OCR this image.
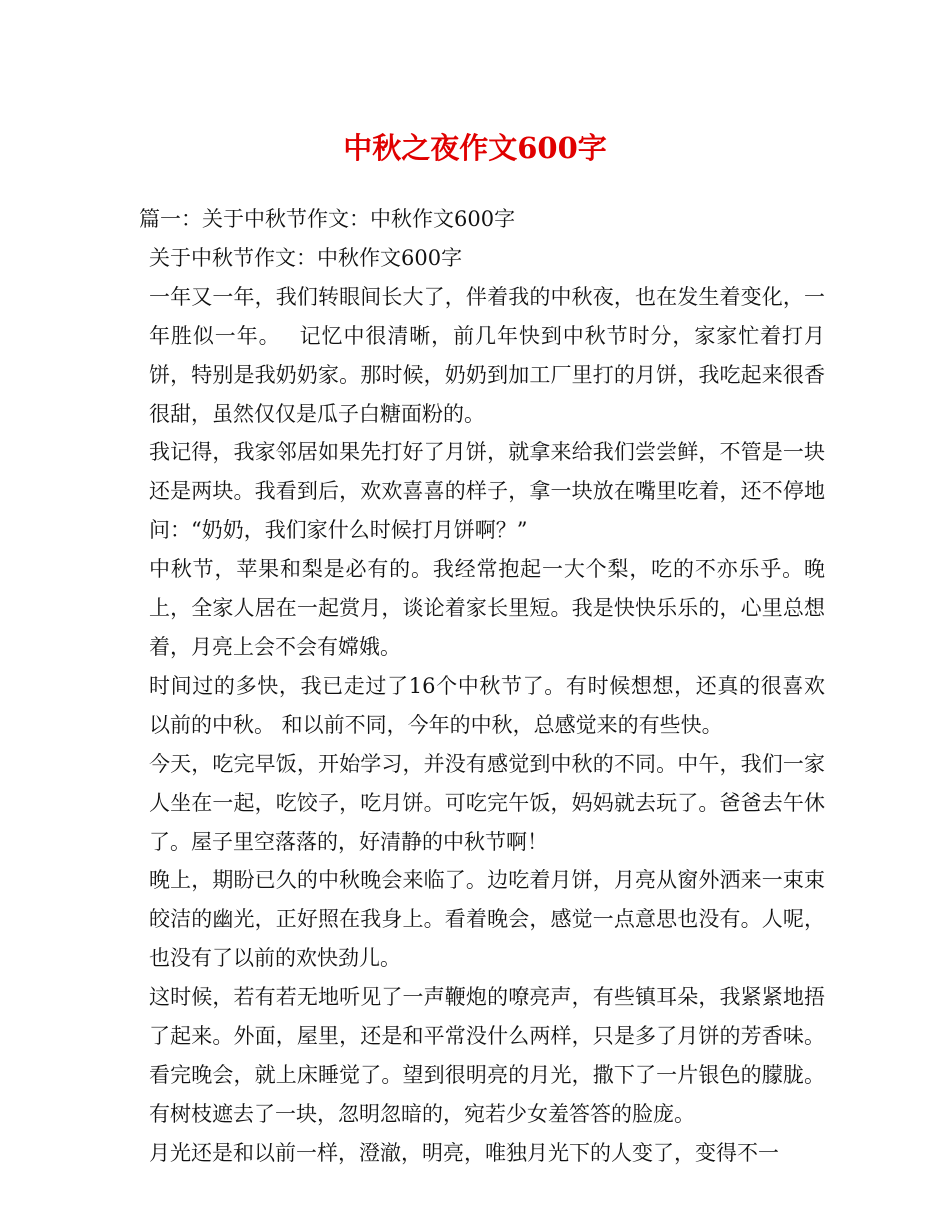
中秋之夜作文600字

篇一：关于中秋节作文：中秋作文600字

关于中秋节作文：中秋作文600字

一年又一年，我们转眼间长大了，伴着我的中秋夜，也在发生着变化，一年胜似一年。　 记忆中很清晰，前几年快到中秋节时分，家家忙着打月饼，特别是我奶奶家。那时候，奶奶到加工厂里打的月饼，我吃起来很香很甜，虽然仅仅是瓜子白糖面粉的。

我记得，我家邻居如果先打好了月饼，就拿来给我们尝尝鲜，不管是一块还是两块。我看到后，欢欢喜喜的样子，拿一块放在嘴里吃着，还不停地问：“奶奶，我们家什么时候打月饼啊？”

中秋节，苹果和梨是必有的。我经常抱起一大个梨，吃的不亦乐乎。晚上，全家人居在一起赏月，谈论着家长里短。我是快快乐乐的，心里总想着，月亮上会不会有嫦娥。

时间过的多快，我已走过了16个中秋节了。有时候想想，还真的很喜欢以前的中秋。 和以前不同，今年的中秋，总感觉来的有些快。

今天，吃完早饭，开始学习，并没有感觉到中秋的不同。中午，我们一家人坐在一起，吃饺子，吃月饼。可吃完午饭，妈妈就去玩了。爸爸去午休了。屋子里空落落的，好清静的中秋节啊！

晚上，期盼已久的中秋晚会来临了。边吃着月饼，月亮从窗外洒来一束束皎洁的幽光，正好照在我身上。看着晚会，感觉一点意思也没有。人呢，也没有了以前的欢快劲儿。

这时候，若有若无地听见了一声鞭炮的嘹亮声，有些镇耳朵，我紧紧地捂了起来。外面，屋里，还是和平常没什么两样，只是多了月饼的芳香味。看完晚会，就上床睡觉了。望到很明亮的月光，撒下了一片银色的朦胧。有树枝遮去了一块，忽明忽暗的，宛若少女羞答答的脸庞。

月光还是和以前一样，澄澈，明亮，唯独月光下的人变了，变得不一
